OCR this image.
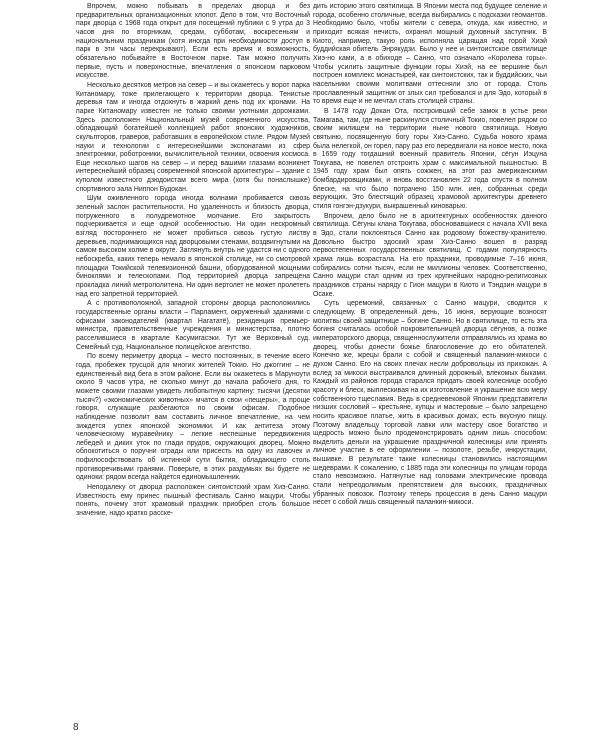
Впрочем, можно побывать в пределах дворца и без предварительных организационных хлопот. Дело в том, что Восточный парк дворца с 1968 года открыт для посещений публики с 9 утра до 3 часов дня по вторникам, средам, субботам, воскресеньям и национальным праздникам (хотя иногда при необходимости доступ в парк в эти часы перекрывают). Если есть время и возможность, обязательно побывайте в Восточном парке. Там можно получить первые, пусть и поверхностные, впечатления о японском парковом искусстве.

Несколько десятков метров на север – и вы окажетесь у ворот парка Китаномару, тоже прилегающего к территории дворца. Тенистые деревья там и иногда отдохнуть в жаркий день под их кронами. На парке Китаномару известен не только своими уютными дорожками. Здесь расположен Национальный музей современного искусства, обладающий богатейшей коллекцией работ японских художников, скульпторов, граверов, работавших в европейском стиле. Рядом Музей науки и технологии с интереснейшими экспонатами из сфер электроники, роботроники, вычислительной техники, освоения космоса. Еще несколько шагов на север – и перед вашими глазами возникнет интереснейший образец современной японской архитектуры – здание с куполом известного дзюдоистам всего мира (хотя бы понаслышке) спортивного зала Ниппон Будокан.

Шум оживленного города иногда волнами пробивается сквозь зеленый заслон растительности. Но удаленность и близость дворца, погруженного в полудремотное молчание. Его закрытость подчеркивается и еще одной особенностью. Ни один нескромный взгляд постороннего не может пробиться сквозь густую листву деревьев, поднимающихся над дворцовыми стенами, воздвигнутыми на самом высоком холме в округе. Заглянуть внутрь не удастся ни с одного небоскреба, каких теперь немало в японской столице, ни со смотровой площадки Токийской телевизионной башни, оборудованной мощными биноклями и телескопами. Под территорией дворца запрещена прокладка линий метрополитена. Ни один вертолет не может пролететь над его запретной территорией.

А с противоположной, западной стороны дворца расположились государственные органы власти – Парламент, окруженный зданиями с офисами законодателей (квартал Нагататё), резиденция премьер-министра, правительственные учреждения и министерства, плотно расселившиеся в квартале Касумигасэки. Тут же Верховный суд. Семейный суд. Национальное полицейское агентство.

По всему периметру дворца – место постоянных, в течение всего года, пробежек трусцой для многих жителей Токио. Но джоггинг – не единственный вид бега в этом районе. Если вы окажетесь в Маруноути около 9 часов утра, не сколько минут до начала рабочего дня, то можете своими глазами увидеть любопытную картину: тысячи (десятки тысяч?) «экономических животных» мчатся в свои «пещеры», а проще говоря, служащие разбегаются по своим офисам. Подобное наблюдение позволит вам составить личное впечатление, на чем зиждется успех японской экономики. И как антитеза этому человеческому муравейнику – легкие неспешные передвижения лебедей и диких уток по глади прудов, окружающих дворец. Можно облокотиться о поручни ограды или присесть на одну из лавочек и пофилософствовать об истинной сути бытия, обладающего столь противоречивыми гранями. Поверьте, в этих раздумьях вы будете не одиноки: рядом всегда найдется единомышленник.

Неподалеку от дворца расположен синтоистский храм Хиэ-Санно. Известность ему принес пышный фестиваль Санно мацури. Чтобы понять, почему этот храмовый праздник приобрел столь большое значение, надо кратко расске-

дить историю этого святилища. В Японии места под будущее селение и города, особенно столичные, всегда выбирались с подсказки геомантов. Необходимо было, чтобы жители с севера, откуда, как известно, и приходит всякая нечисть, охранял мощный духовный заступник. В Киото, например, такую роль исполняла царящая над горой Хиэй буддийская обитель Энрякудзи. Было у нее и синтоистское святилище Хиэ-но ками, а в обиходе – Санно, что означало «Королева горы». Чтобы усилить защитные функции горы Хиэй, на ее вершине был построен комплекс монастырей, как синтоистских, так и буддийских, чьи насельники своими молитвами оттесняли зло от города. Столь прославленный защитник от злых сил требовался и для Эдо, который в то время еще и не мечтал стать столицей страны.

В 1478 году Докан Ота, построивший себе замок в устье реки Тамагава, там, где ныне раскинулся столичный Токио, повелел рядом со своим жилищем на территории ныне нового святилища. Новую святыню, посвященную богу горы Хиэ-Санно. Судьба нового храма была нелегкой, он горел, пару раз его передвигали на новое место, пока в 1659 году тогдашний военный правитель Японии, сёгун Иэцуна Токугава, не повелел отстроить храм с максимальной пышностью. В 1945 году храм был опять сожжен, на этот раз американскими бомбардировщиками, и вновь восстановлен 22 года спустя в полном блеске, на что было потрачено 150 млн. иен, собранных среди верующих. Это блестящий образец храмовой архитектуры древнего стиля гонгэн-дзукури, выкрашенный киноварью.

Впрочем, дело было не в архитектурных особенностях данного святилища. Сёгуны клана Токугава, обосновавшиеся с начала XVII века в Эдо, стали поклоняться Санно как родовому божеству-хранителю. Довольно быстро эдоский храм Хиэ-Санно вошел в разряд первостепенных государственных святилищ. С годами популярность храма лишь возрастала. На его праздники, проводимые 7–16 июня, собирались сотни тысяч, если не миллионы человек. Соответственно, Санно мацури стал одним из трех крупнейших народно-религиозных праздников страны наряду с Гион мацури в Киото и Тэндзин мацури в Осаке.

Суть церемоний, связанных с Санно мацури, сводится к следующему. В определенный день, 16 июня, верующие возносят молитвы своей защитнице – богине Санно. Но в святилище, то есть эта богиня считалась особой покровительницей дворца сёгунов, а позже императорского дворца, священнослужители отправлялись из храма во дворец, чтобы донести божье благословение до его обитателей. Конечно же, жрецы брали с собой и священный паланкин-микоси с духом Санно. Его на своих плечах несли добровольцы из прихожан. А вслед за микоси выстраивался длинный дорожный, влекомых быками. Каждый из районов города старался придать своей колеснице особую красоту и блеск, выплескивая на их изготовление и украшение всю меру собственного тщеславия. Ведь в средневековой Японии представители низших сословий – крестьяне, купцы и мастеровые – было запрещено носить красивое платье, жить в красивых домах, есть вкусную пищу. Поэтому владельцу торговой лавки или мастеру свое богатство и щедрость можно было продемонстрировать одним лишь способом: выделить деньги на украшение праздничной колесницы или принять личное участие в ее оформлении – позолоте, резьбе, инкрустации, вышивке. В результате такие колесницы становились настоящими шедеврами. К сожалению, с 1885 года эти колесницы по улицам города стало невозможно. Натянутые над головами электрические провода стали непреодолимым препятствием для высоких, праздничных убранных повозок. Поэтому теперь процессия в день Санно мацури несет с собой лишь священный паланкин-микоси.

8
